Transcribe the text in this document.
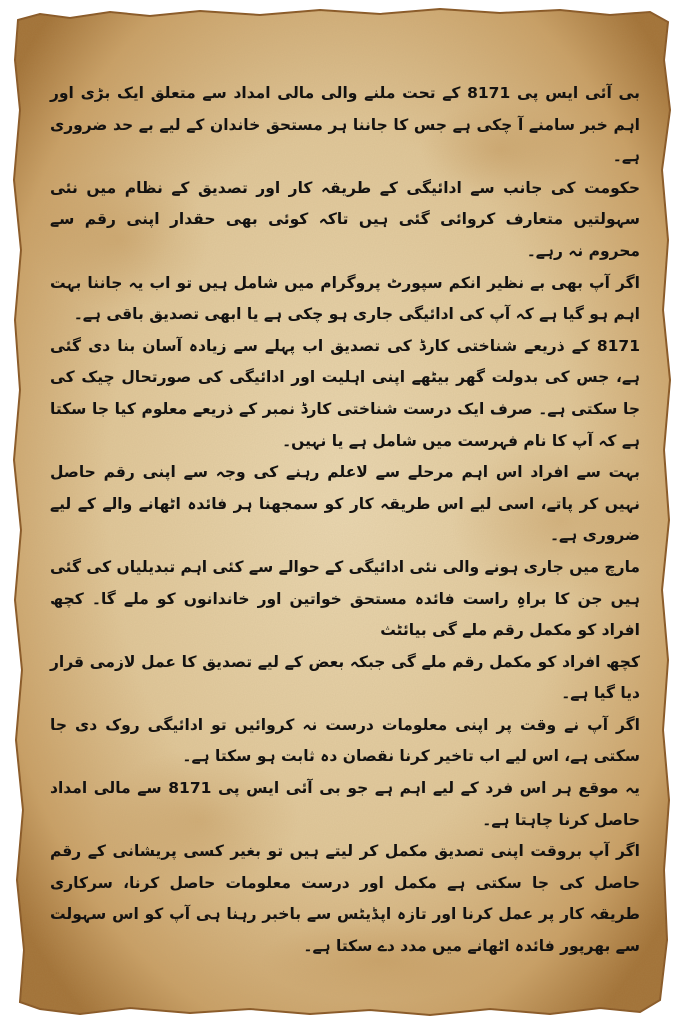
بی آئی ایس پی 8171 کے تحت ملنے والی مالی امداد سے متعلق ایک بڑی اور اہم خبر سامنے آ چکی ہے جس کا جاننا ہر مستحق خاندان کے لیے بے حد ضروری ہے۔

حکومت کی جانب سے ادائیگی کے طریقہ کار اور تصدیق کے نظام میں نئی سہولتیں متعارف کروائی گئی ہیں تاکہ کوئی بھی حقدار اپنی رقم سے محروم نہ رہے۔

اگر آپ بھی بے نظیر انکم سپورٹ پروگرام میں شامل ہیں تو اب یہ جاننا بہت اہم ہو گیا ہے کہ آپ کی ادائیگی جاری ہو چکی ہے یا ابھی تصدیق باقی ہے۔

8171 کے ذریعے شناختی کارڈ کی تصدیق اب پہلے سے زیادہ آسان بنا دی گئی ہے، جس کی بدولت گھر بیٹھے اپنی اہلیت اور ادائیگی کی صورتحال چیک کی جا سکتی ہے۔ صرف ایک درست شناختی کارڈ نمبر کے ذریعے معلوم کیا جا سکتا ہے کہ آپ کا نام فہرست میں شامل ہے یا نہیں۔

بہت سے افراد اس اہم مرحلے سے لاعلم رہنے کی وجہ سے اپنی رقم حاصل نہیں کر پاتے، اسی لیے اس طریقہ کار کو سمجھنا ہر فائدہ اٹھانے والے کے لیے ضروری ہے۔

مارچ میں جاری ہونے والی نئی ادائیگی کے حوالے سے کئی اہم تبدیلیاں کی گئی ہیں جن کا براہِ راست فائدہ مستحق خواتین اور خاندانوں کو ملے گا۔ کچھ افراد کو مکمل رقم ملے گی بیائٹث

کچھ افراد کو مکمل رقم ملے گی جبکہ بعض کے لیے تصدیق کا عمل لازمی قرار دیا گیا ہے۔

اگر آپ نے وقت پر اپنی معلومات درست نہ کروائیں تو ادائیگی روک دی جا سکتی ہے، اس لیے اب تاخیر کرنا نقصان دہ ثابت ہو سکتا ہے۔

یہ موقع ہر اس فرد کے لیے اہم ہے جو بی آئی ایس پی 8171 سے مالی امداد حاصل کرنا چاہتا ہے۔

اگر آپ بروقت اپنی تصدیق مکمل کر لیتے ہیں تو بغیر کسی پریشانی کے رقم حاصل کی جا سکتی ہے مکمل اور درست معلومات حاصل کرنا، سرکاری طریقہ کار پر عمل کرنا اور تازہ اپڈیٹس سے باخبر رہنا ہی آپ کو اس سہولت سے بھرپور فائدہ اٹھانے میں مدد دے سکتا ہے۔
